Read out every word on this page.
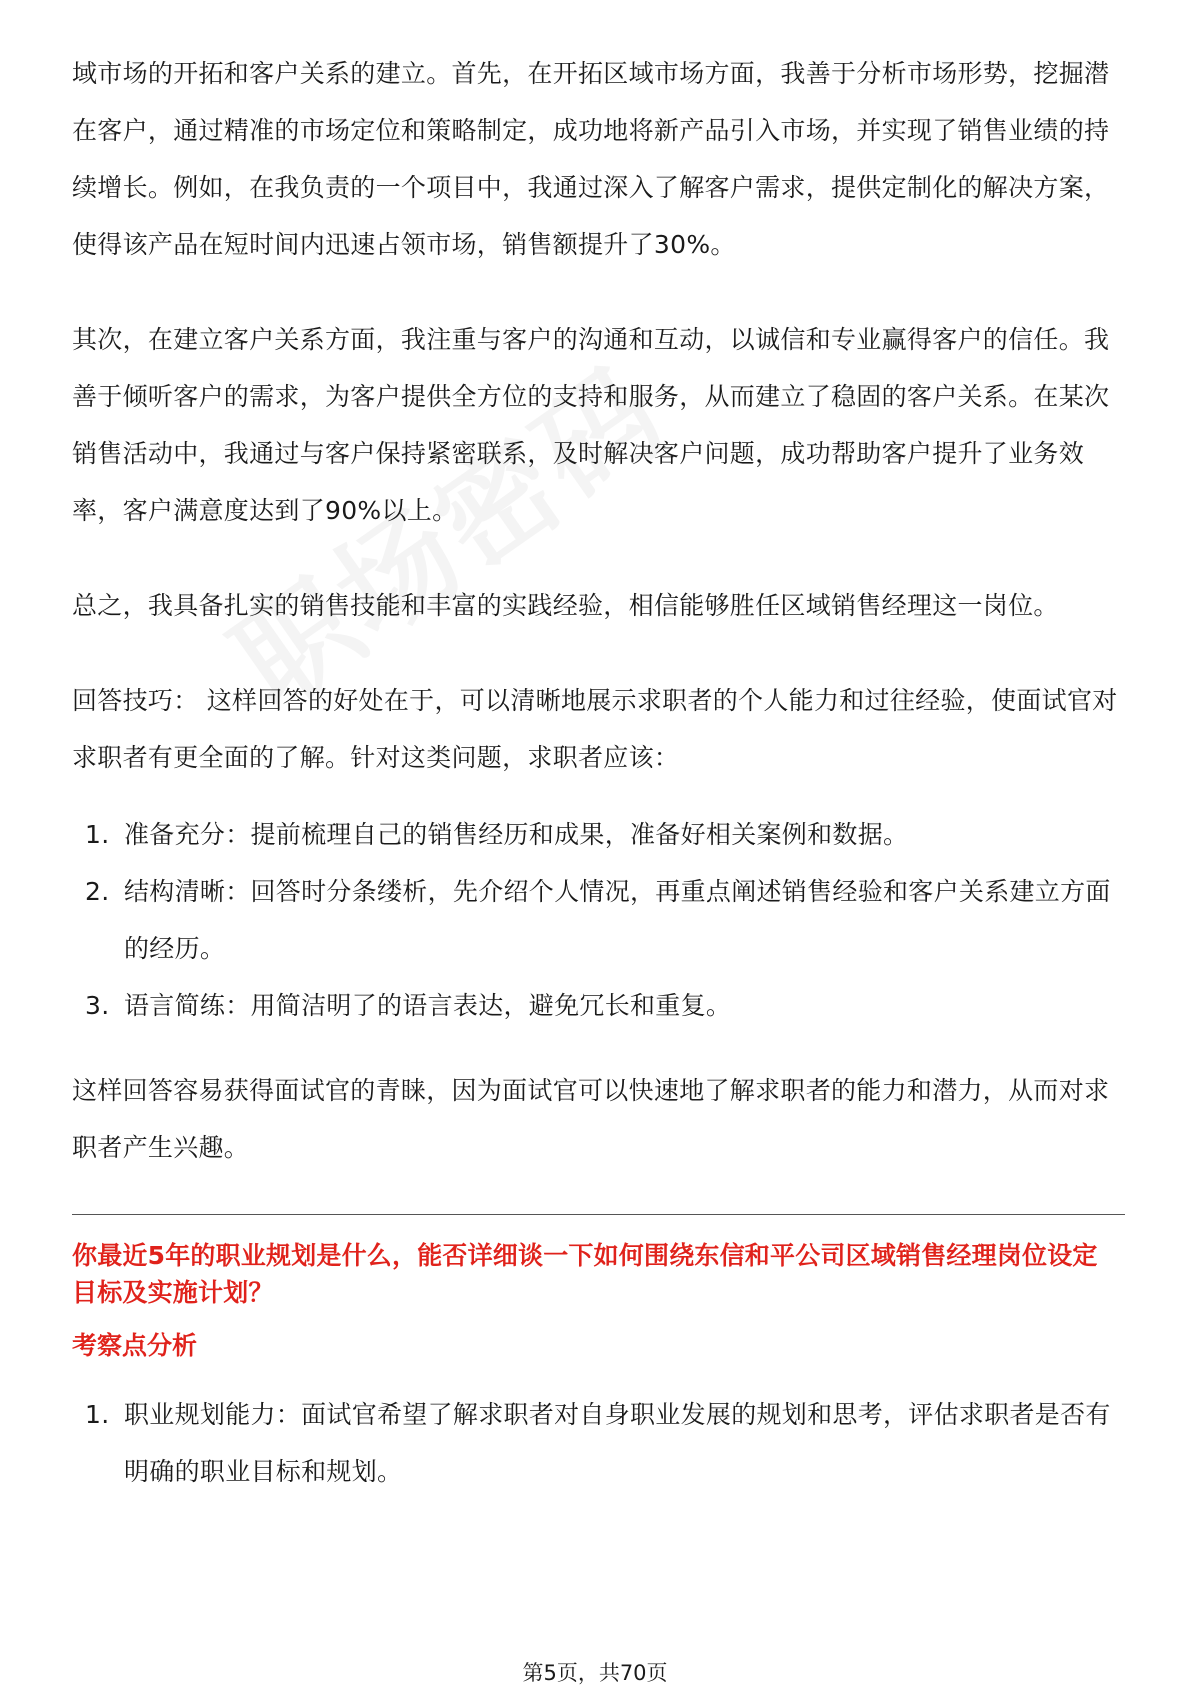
域市场的开拓和客户关系的建立。首先，在开拓区域市场方面，我善于分析市场形势，挖掘潜在客户，通过精准的市场定位和策略制定，成功地将新产品引入市场，并实现了销售业绩的持续增长。例如，在我负责的一个项目中，我通过深入了解客户需求，提供定制化的解决方案，使得该产品在短时间内迅速占领市场，销售额提升了30%。

其次，在建立客户关系方面，我注重与客户的沟通和互动，以诚信和专业赢得客户的信任。我善于倾听客户的需求，为客户提供全方位的支持和服务，从而建立了稳固的客户关系。在某次销售活动中，我通过与客户保持紧密联系，及时解决客户问题，成功帮助客户提升了业务效率，客户满意度达到了90%以上。

总之，我具备扎实的销售技能和丰富的实践经验，相信能够胜任区域销售经理这一岗位。

回答技巧： 这样回答的好处在于，可以清晰地展示求职者的个人能力和过往经验，使面试官对求职者有更全面的了解。针对这类问题，求职者应该：

1. 准备充分：提前梳理自己的销售经历和成果，准备好相关案例和数据。
2. 结构清晰：回答时分条缕析，先介绍个人情况，再重点阐述销售经验和客户关系建立方面的经历。
3. 语言简练：用简洁明了的语言表达，避免冗长和重复。

这样回答容易获得面试官的青睐，因为面试官可以快速地了解求职者的能力和潜力，从而对求职者产生兴趣。

你最近5年的职业规划是什么，能否详细谈一下如何围绕东信和平公司区域销售经理岗位设定目标及实施计划？

考察点分析

1. 职业规划能力：面试官希望了解求职者对自身职业发展的规划和思考，评估求职者是否有明确的职业目标和规划。
第5页，共70页
